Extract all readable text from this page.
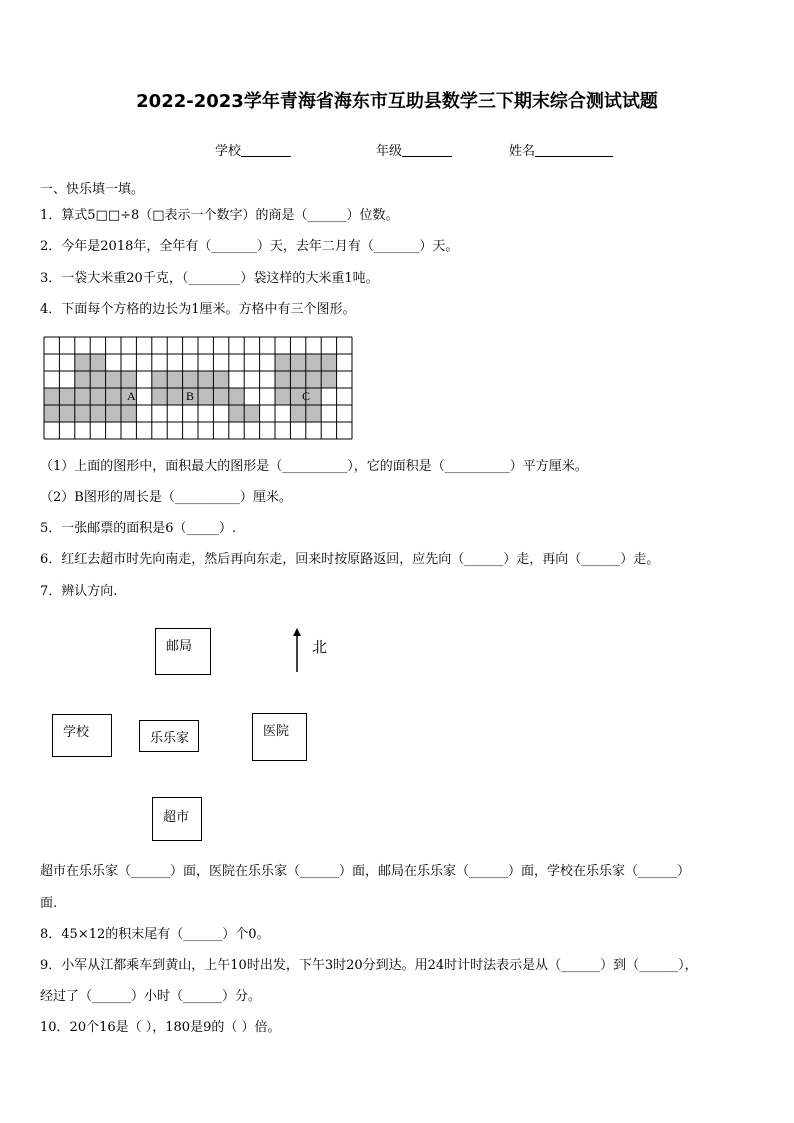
2022-2023学年青海省海东市互助县数学三下期末综合测试试题
学校	年级	姓名
一、快乐填一填。
1．算式5□□÷8（□表示一个数字）的商是（______）位数。
2．今年是2018年，全年有（_______）天，去年二月有（_______）天。
3．一袋大米重20千克，（________）袋这样的大米重1吨。
4．下面每个方格的边长为1厘米。方格中有三个图形。
A	B	C
（1）上面的图形中，面积最大的图形是（__________），它的面积是（__________）平方厘米。
（2）B图形的周长是（__________）厘米。
5．一张邮票的面积是6（_____）.
6．红红去超市时先向南走，然后再向东走，回来时按原路返回，应先向（______）走，再向（______）走。
7．辨认方向.
邮局
学校	乐乐家	医院
超市
北
超市在乐乐家（______）面，医院在乐乐家（______）面，邮局在乐乐家（______）面，学校在乐乐家（______）
面.
8．45×12的积末尾有（______）个0。
9．小军从江都乘车到黄山，上午10时出发，下午3时20分到达。用24时计时法表示是从（______）到（______），
经过了（______）小时（______）分。
10．20个16是（ ），180是9的（ ）倍。
